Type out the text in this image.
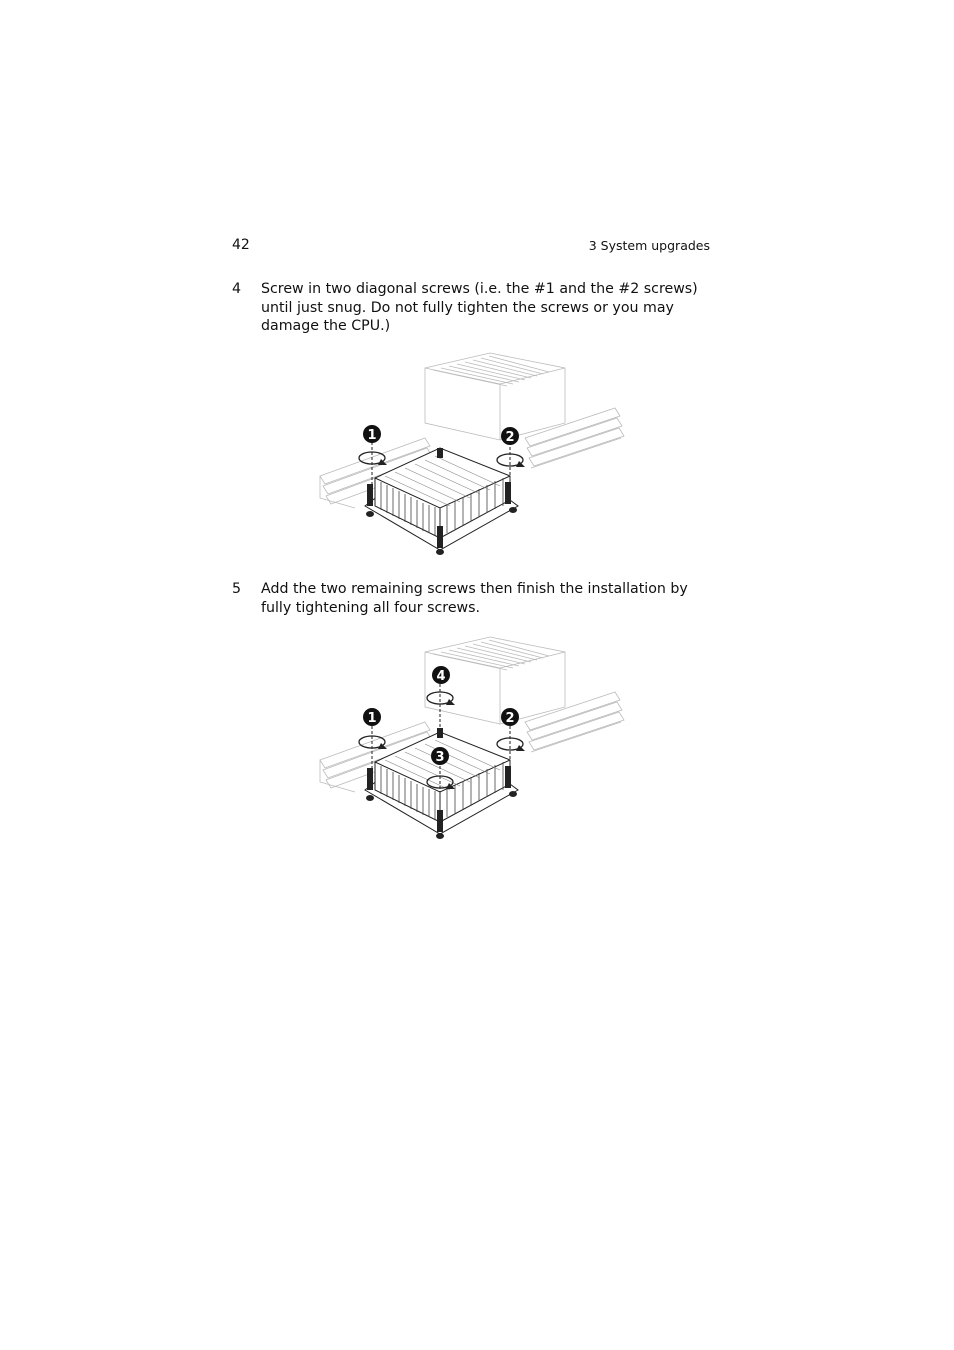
42	3 System upgrades
4 Screw in two diagonal screws (i.e. the #1 and the #2 screws) until just snug. Do not fully tighten the screws or you may damage the CPU.)
1	2
5 Add the two remaining screws then finish the installation by fully tightening all four screws.
4
1	2
3
